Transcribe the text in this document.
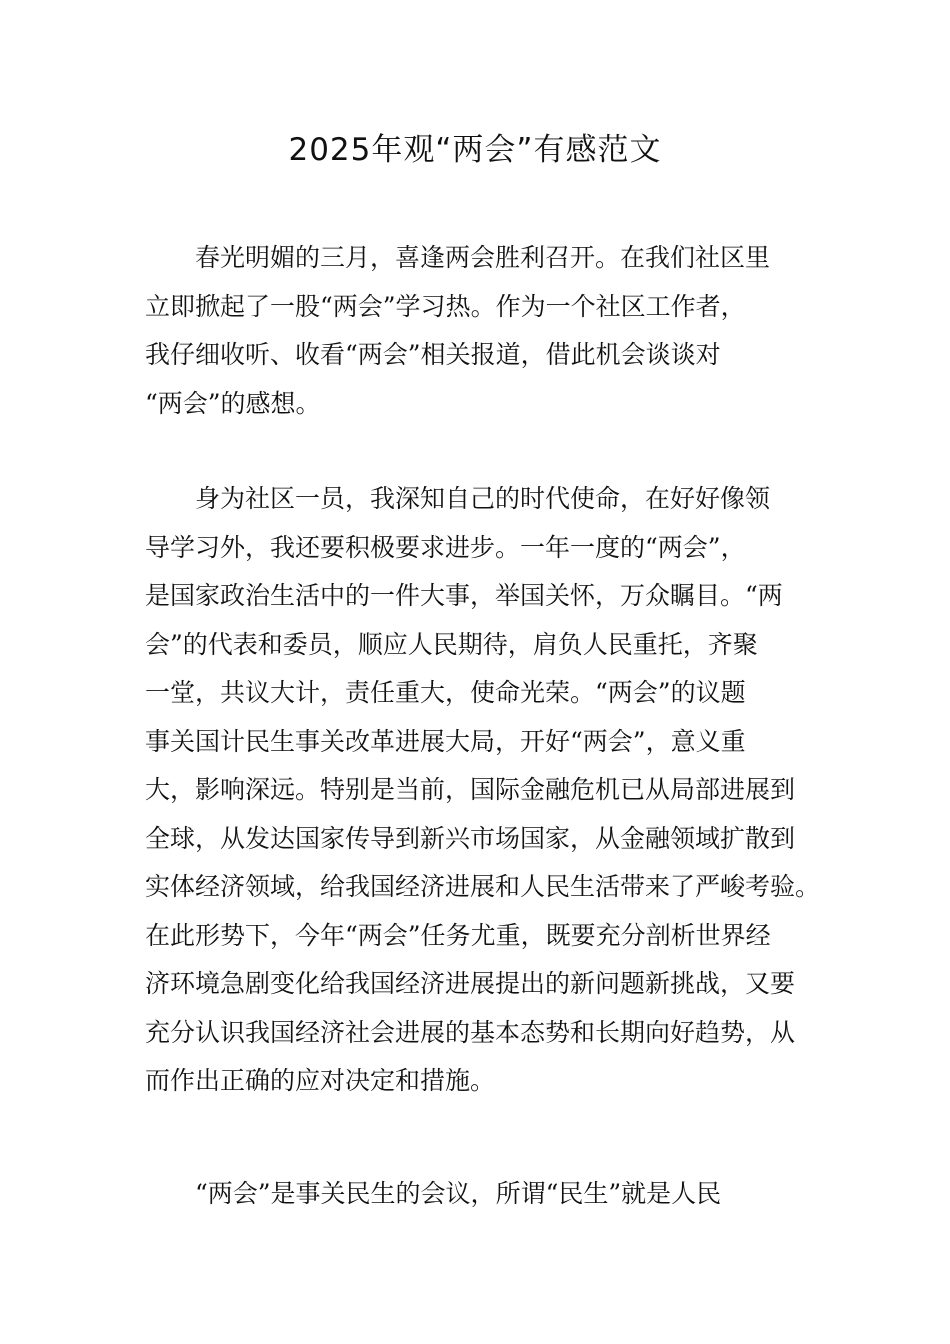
2025年观“两会”有感范文

春光明媚的三月，喜逢两会胜利召开。在我们社区里
立即掀起了一股“两会”学习热。作为一个社区工作者，
我仔细收听、收看“两会”相关报道，借此机会谈谈对
“两会”的感想。

身为社区一员，我深知自己的时代使命，在好好像领
导学习外，我还要积极要求进步。一年一度的“两会”，
是国家政治生活中的一件大事，举国关怀，万众瞩目。“两
会”的代表和委员，顺应人民期待，肩负人民重托，齐聚
一堂，共议大计，责任重大，使命光荣。“两会”的议题
事关国计民生事关改革进展大局，开好“两会”，意义重
大，影响深远。特别是当前，国际金融危机已从局部进展到
全球，从发达国家传导到新兴市场国家，从金融领域扩散到
实体经济领域，给我国经济进展和人民生活带来了严峻考验。
在此形势下，今年“两会”任务尤重，既要充分剖析世界经
济环境急剧变化给我国经济进展提出的新问题新挑战，又要
充分认识我国经济社会进展的基本态势和长期向好趋势，从
而作出正确的应对决定和措施。

“两会”是事关民生的会议，所谓“民生”就是人民
